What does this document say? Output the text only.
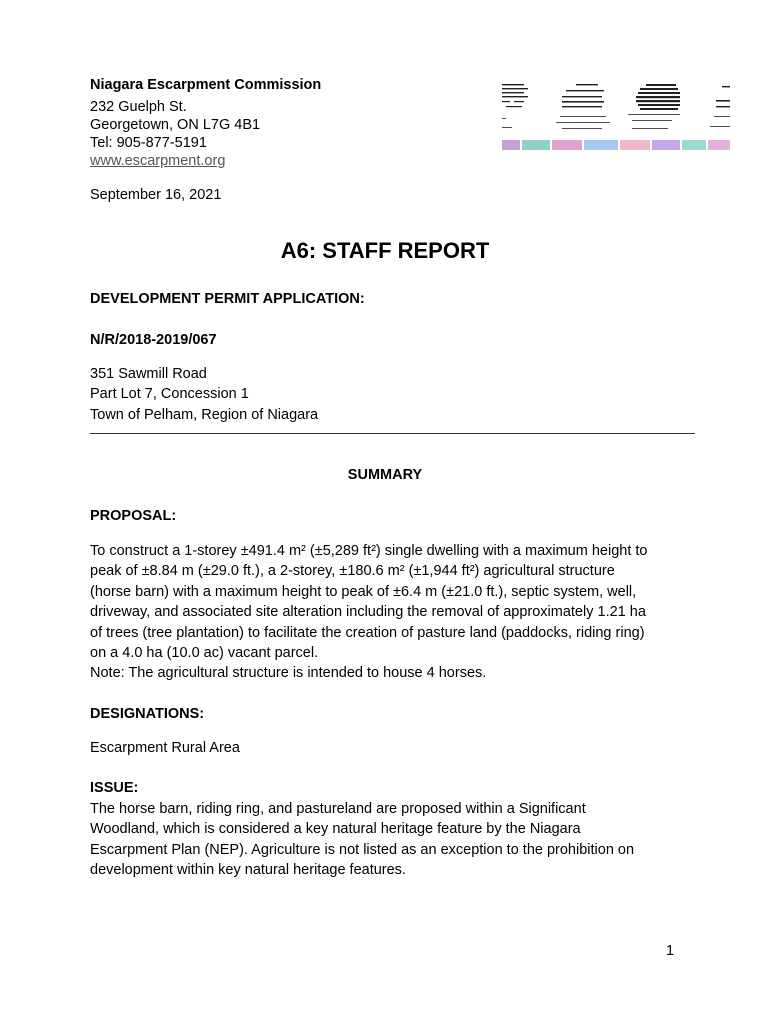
Niagara Escarpment Commission
232 Guelph St.
Georgetown, ON L7G 4B1
Tel: 905-877-5191
www.escarpment.org
September 16, 2021
A6: STAFF REPORT
DEVELOPMENT PERMIT APPLICATION:
N/R/2018-2019/067
351 Sawmill Road
Part Lot 7, Concession 1
Town of Pelham, Region of Niagara
SUMMARY
PROPOSAL:
To construct a 1-storey ±491.4 m² (±5,289 ft²) single dwelling with a maximum height to
peak of ±8.84 m (±29.0 ft.), a 2-storey, ±180.6 m² (±1,944 ft²) agricultural structure
(horse barn) with a maximum height to peak of ±6.4 m (±21.0 ft.), septic system, well,
driveway, and associated site alteration including the removal of approximately 1.21 ha
of trees (tree plantation) to facilitate the creation of pasture land (paddocks, riding ring)
on a 4.0 ha (10.0 ac) vacant parcel.
Note: The agricultural structure is intended to house 4 horses.
DESIGNATIONS:
Escarpment Rural Area
ISSUE:
The horse barn, riding ring, and pastureland are proposed within a Significant
Woodland, which is considered a key natural heritage feature by the Niagara
Escarpment Plan (NEP). Agriculture is not listed as an exception to the prohibition on
development within key natural heritage features.
1
